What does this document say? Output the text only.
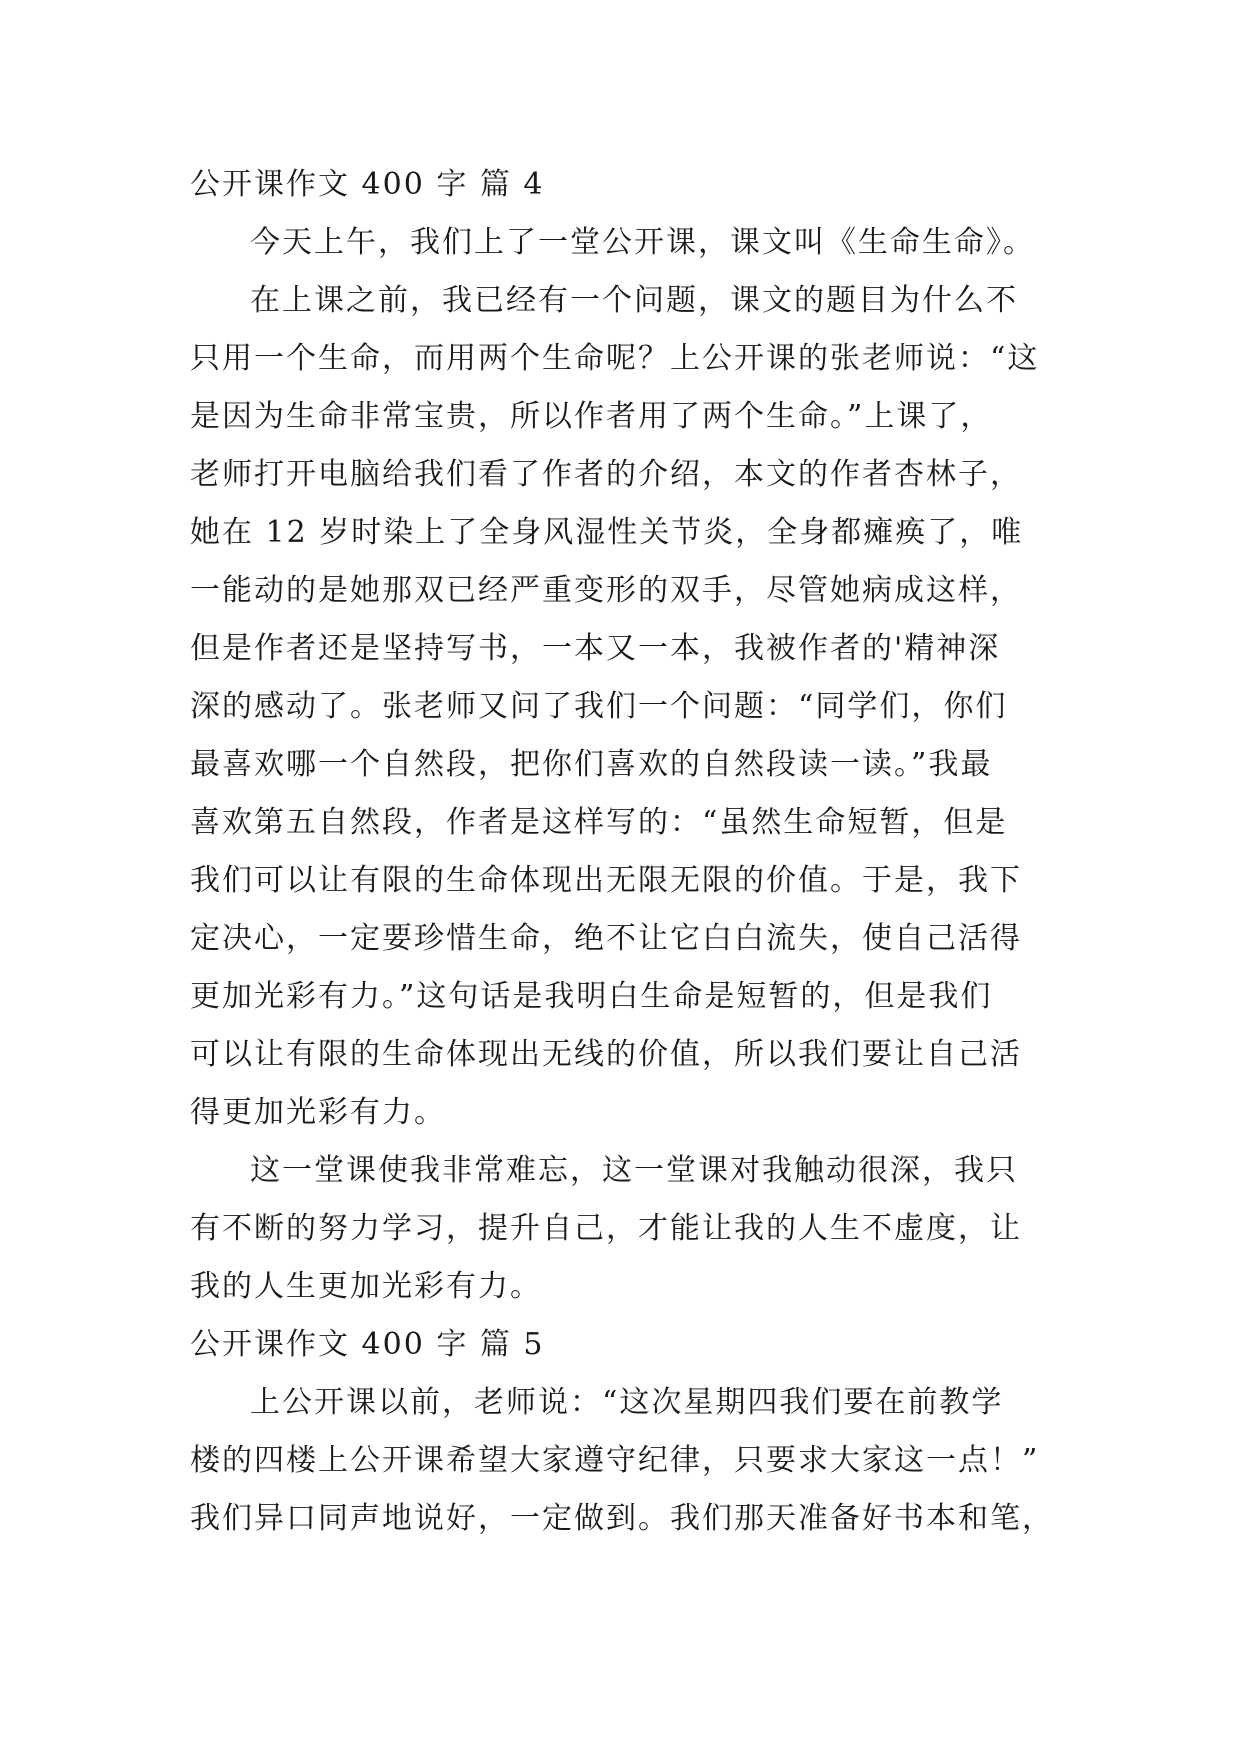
公开课作文 400 字 篇 4
今天上午，我们上了一堂公开课，课文叫《生命生命》。
在上课之前，我已经有一个问题，课文的题目为什么不
只用一个生命，而用两个生命呢？上公开课的张老师说：“这
是因为生命非常宝贵，所以作者用了两个生命。”上课了，
老师打开电脑给我们看了作者的介绍，本文的作者杏林子，
她在 12 岁时染上了全身风湿性关节炎，全身都瘫痪了，唯
一能动的是她那双已经严重变形的双手，尽管她病成这样，
但是作者还是坚持写书，一本又一本，我被作者的'精神深
深的感动了。张老师又问了我们一个问题：“同学们，你们
最喜欢哪一个自然段，把你们喜欢的自然段读一读。”我最
喜欢第五自然段，作者是这样写的：“虽然生命短暂，但是
我们可以让有限的生命体现出无限无限的价值。于是，我下
定决心，一定要珍惜生命，绝不让它白白流失，使自己活得
更加光彩有力。”这句话是我明白生命是短暂的，但是我们
可以让有限的生命体现出无线的价值，所以我们要让自己活
得更加光彩有力。
这一堂课使我非常难忘，这一堂课对我触动很深，我只
有不断的努力学习，提升自己，才能让我的人生不虚度，让
我的人生更加光彩有力。
公开课作文 400 字 篇 5
上公开课以前，老师说：“这次星期四我们要在前教学
楼的四楼上公开课希望大家遵守纪律，只要求大家这一点！”
我们异口同声地说好，一定做到。我们那天准备好书本和笔，
